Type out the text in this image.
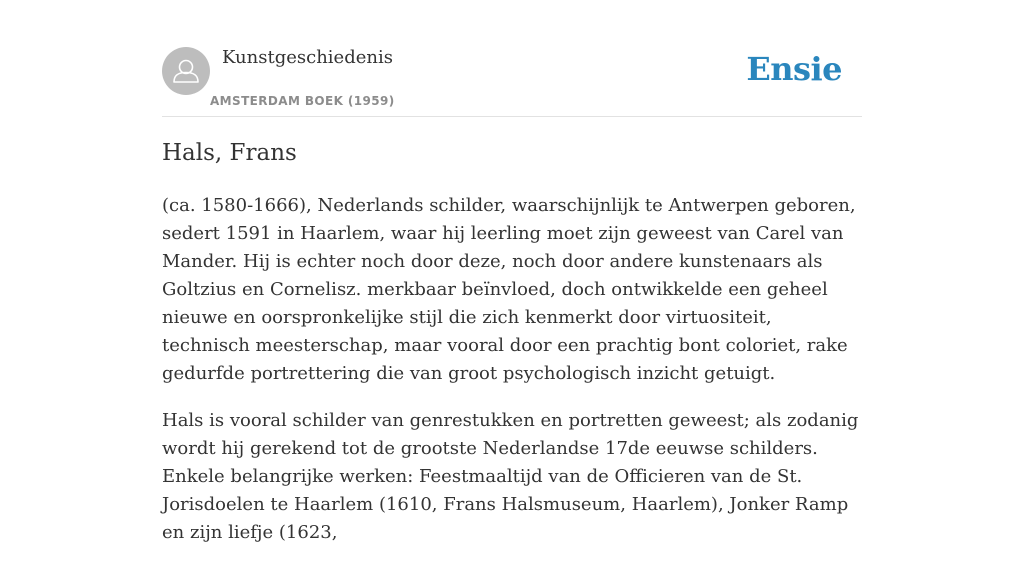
Kunstgeschiedenis
AMSTERDAM BOEK (1959)
Ensie
Hals, Frans

(ca. 1580-1666), Nederlands schilder, waarschijnlijk te Antwerpen geboren, sedert 1591 in Haarlem, waar hij leerling moet zijn geweest van Carel van Mander. Hij is echter noch door deze, noch door andere kunstenaars als Goltzius en Cornelisz. merkbaar beïnvloed, doch ontwikkelde een geheel nieuwe en oorspronkelijke stijl die zich kenmerkt door virtuositeit, technisch meesterschap, maar vooral door een prachtig bont coloriet, rake gedurfde portrettering die van groot psychologisch inzicht getuigt.

Hals is vooral schilder van genrestukken en portretten geweest; als zodanig wordt hij gerekend tot de grootste Nederlandse 17de eeuwse schilders. Enkele belangrijke werken: Feestmaaltijd van de Officieren van de St. Jorisdoelen te Haarlem (1610, Frans Halsmuseum, Haarlem), Jonker Ramp en zijn liefje (1623,
